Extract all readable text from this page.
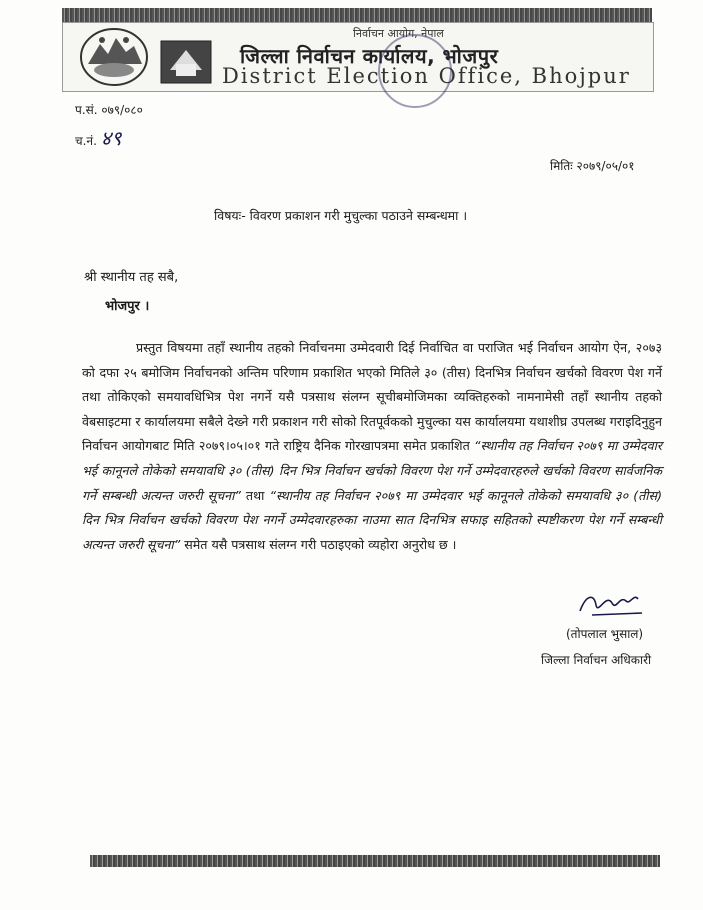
निर्वाचन आयोग, नेपाल
जिल्ला निर्वाचन कार्यालय, भोजपुर
District Election Office, Bhojpur
प.सं. ०७९/०८०
च.नं. ४९
मितिः २०७९/०५/०१
विषयः- विवरण प्रकाशन गरी मुचुल्का पठाउने सम्बन्धमा ।
श्री स्थानीय तह सबै,
भोजपुर ।

प्रस्तुत विषयमा तहाँ स्थानीय तहको निर्वाचनमा उम्मेदवारी दिई निर्वाचित वा पराजित भई निर्वाचन आयोग ऐन, २०७३ को दफा २५ बमोजिम निर्वाचनको अन्तिम परिणाम प्रकाशित भएको मितिले ३० (तीस) दिनभित्र निर्वाचन खर्चको विवरण पेश गर्ने तथा तोकिएको समयावधिभित्र पेश नगर्ने यसै पत्रसाथ संलग्न सूचीबमोजिमका व्यक्तिहरुको नामनामेसी तहाँ स्थानीय तहको वेबसाइटमा र कार्यालयमा सबैले देख्ने गरी प्रकाशन गरी सोको रितपूर्वकको मुचुल्का यस कार्यालयमा यथाशीघ्र उपलब्ध गराइदिनुहुन निर्वाचन आयोगबाट मिति २०७९।०५।०१ गते राष्ट्रिय दैनिक गोरखापत्रमा समेत प्रकाशित “स्थानीय तह निर्वाचन २०७९ मा उम्मेदवार भई कानूनले तोकेको समयावधि ३० (तीस) दिन भित्र निर्वाचन खर्चको विवरण पेश गर्ने उम्मेदवारहरुले खर्चको विवरण सार्वजनिक गर्ने सम्बन्धी अत्यन्त जरुरी सूचना” तथा “स्थानीय तह निर्वाचन २०७९ मा उम्मेदवार भई कानूनले तोकेको समयावधि ३० (तीस) दिन भित्र निर्वाचन खर्चको विवरण पेश नगर्ने उम्मेदवारहरुका नाउमा सात दिनभित्र सफाइ सहितको स्पष्टीकरण पेश गर्ने सम्बन्धी अत्यन्त जरुरी सूचना” समेत यसै पत्रसाथ संलग्न गरी पठाइएको व्यहोरा अनुरोध छ ।

(तोपलाल भुसाल)
जिल्ला निर्वाचन अधिकारी
